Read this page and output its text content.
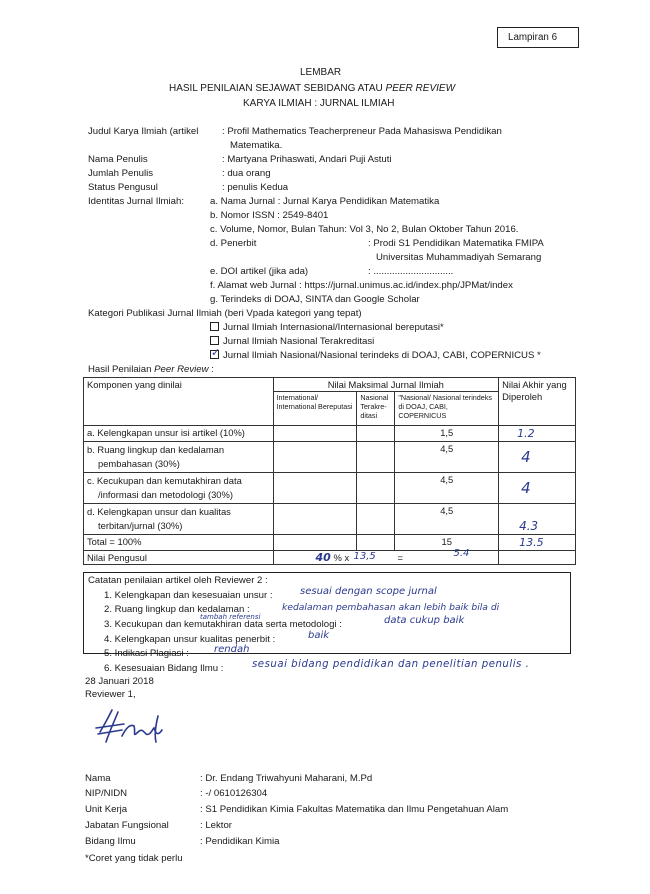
Lampiran 6
LEMBAR
HASIL PENILAIAN SEJAWAT SEBIDANG ATAU PEER REVIEW
KARYA ILMIAH : JURNAL ILMIAH
Judul Karya Ilmiah (artikel : Profil Mathematics Teacherpreneur Pada Mahasiswa Pendidikan
Matematika.
Nama Penulis	: Martyana Prihaswati, Andari Puji Astuti
Jumlah Penulis	: dua orang
Status Pengusul	: penulis Kedua
Identitas Jurnal Ilmiah:	a. Nama Jurnal : Jurnal Karya Pendidikan Matematika
b. Nomor ISSN : 2549-8401
c. Volume, Nomor, Bulan Tahun: Vol 3, No 2, Bulan Oktober Tahun 2016.
d. Penerbit	: Prodi S1 Pendidikan Matematika FMIPA
Universitas Muhammadiyah Semarang
e. DOI artikel (jika ada)	: ..............................
f. Alamat web Jurnal : https://jurnal.unimus.ac.id/index.php/JPMat/index
g. Terindeks di DOAJ, SINTA dan Google Scholar
Kategori Publikasi Jurnal Ilmiah (beri Vpada kategori yang tepat)
Jurnal Ilmiah Internasional/Internasional bereputasi*
Jurnal Ilmiah Nasional Terakreditasi
✓ Jurnal Ilmiah Nasional/Nasional terindeks di DOAJ, CABI, COPERNICUS *
Hasil Penilaian Peer Review :
Komponen yang dinilai	Nilai Maksimal Jurnal Ilmiah			Nilai Akhir yang Diperoleh
	International/ International Bereputasi	Nasional Terakre-ditasi	"Nasional/ Nasional terindeks di DOAJ, CABI, COPERNICUS	
a. Kelengkapan unsur isi artikel (10%)			1,5	1.2
b. Ruang lingkup dan kedalaman pembahasan (30%)			4,5	4
c. Kecukupan dan kemutakhiran data /informasi dan metodologi (30%)			4,5	4
d. Kelengkapan unsur dan kualitas terbitan/jurnal (30%)			4,5	4.3
Total = 100%			15	13.5
Nilai Pengusul	40 % x 13,5 = 5.4			

Catatan penilaian artikel oleh Reviewer 2 :
1. Kelengkapan dan kesesuaian unsur :	sesuai dengan scope jurnal
2. Ruang lingkup dan kedalaman :	kedalaman pembahasan akan lebih baik bila di
tambah referensi
3. Kecukupan dan kemutakhiran data serta metodologi :	data cukup baik
4. Kelengkapan unsur kualitas penerbit :	baik
5. Indikasi Plagiasi :	rendah
6. Kesesuaian Bidang Ilmu :	sesuai bidang pendidikan dan penelitian penulis .
28 Januari 2018
Reviewer 1,
Nama	: Dr. Endang Triwahyuni Maharani, M.Pd
NIP/NIDN	: -/ 0610126304
Unit Kerja	: S1 Pendidikan Kimia Fakultas Matematika dan Ilmu Pengetahuan Alam
Jabatan Fungsional	: Lektor
Bidang Ilmu	: Pendidikan Kimia
*Coret yang tidak perlu
